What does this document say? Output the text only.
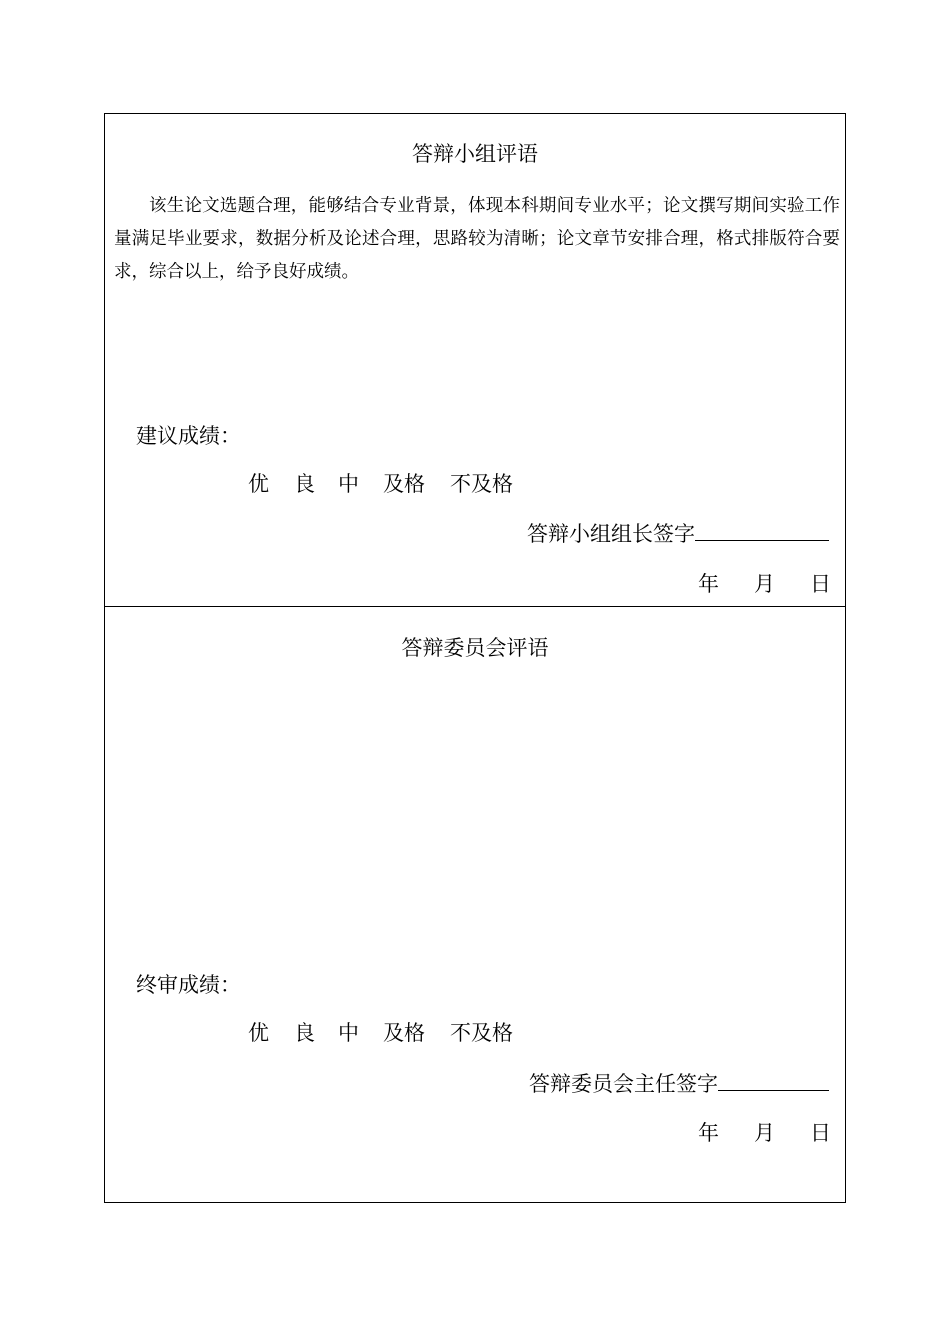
答辩小组评语
该生论文选题合理，能够结合专业背景，体现本科期间专业水平；论文撰写期间实验工作量满足毕业要求，数据分析及论述合理，思路较为清晰；论文章节安排合理，格式排版符合要求，综合以上，给予良好成绩。
建议成绩：
优 良 中 及格 不及格
答辩小组组长签字
年 月 日
答辩委员会评语
终审成绩：
优 良 中 及格 不及格
答辩委员会主任签字
年 月 日
